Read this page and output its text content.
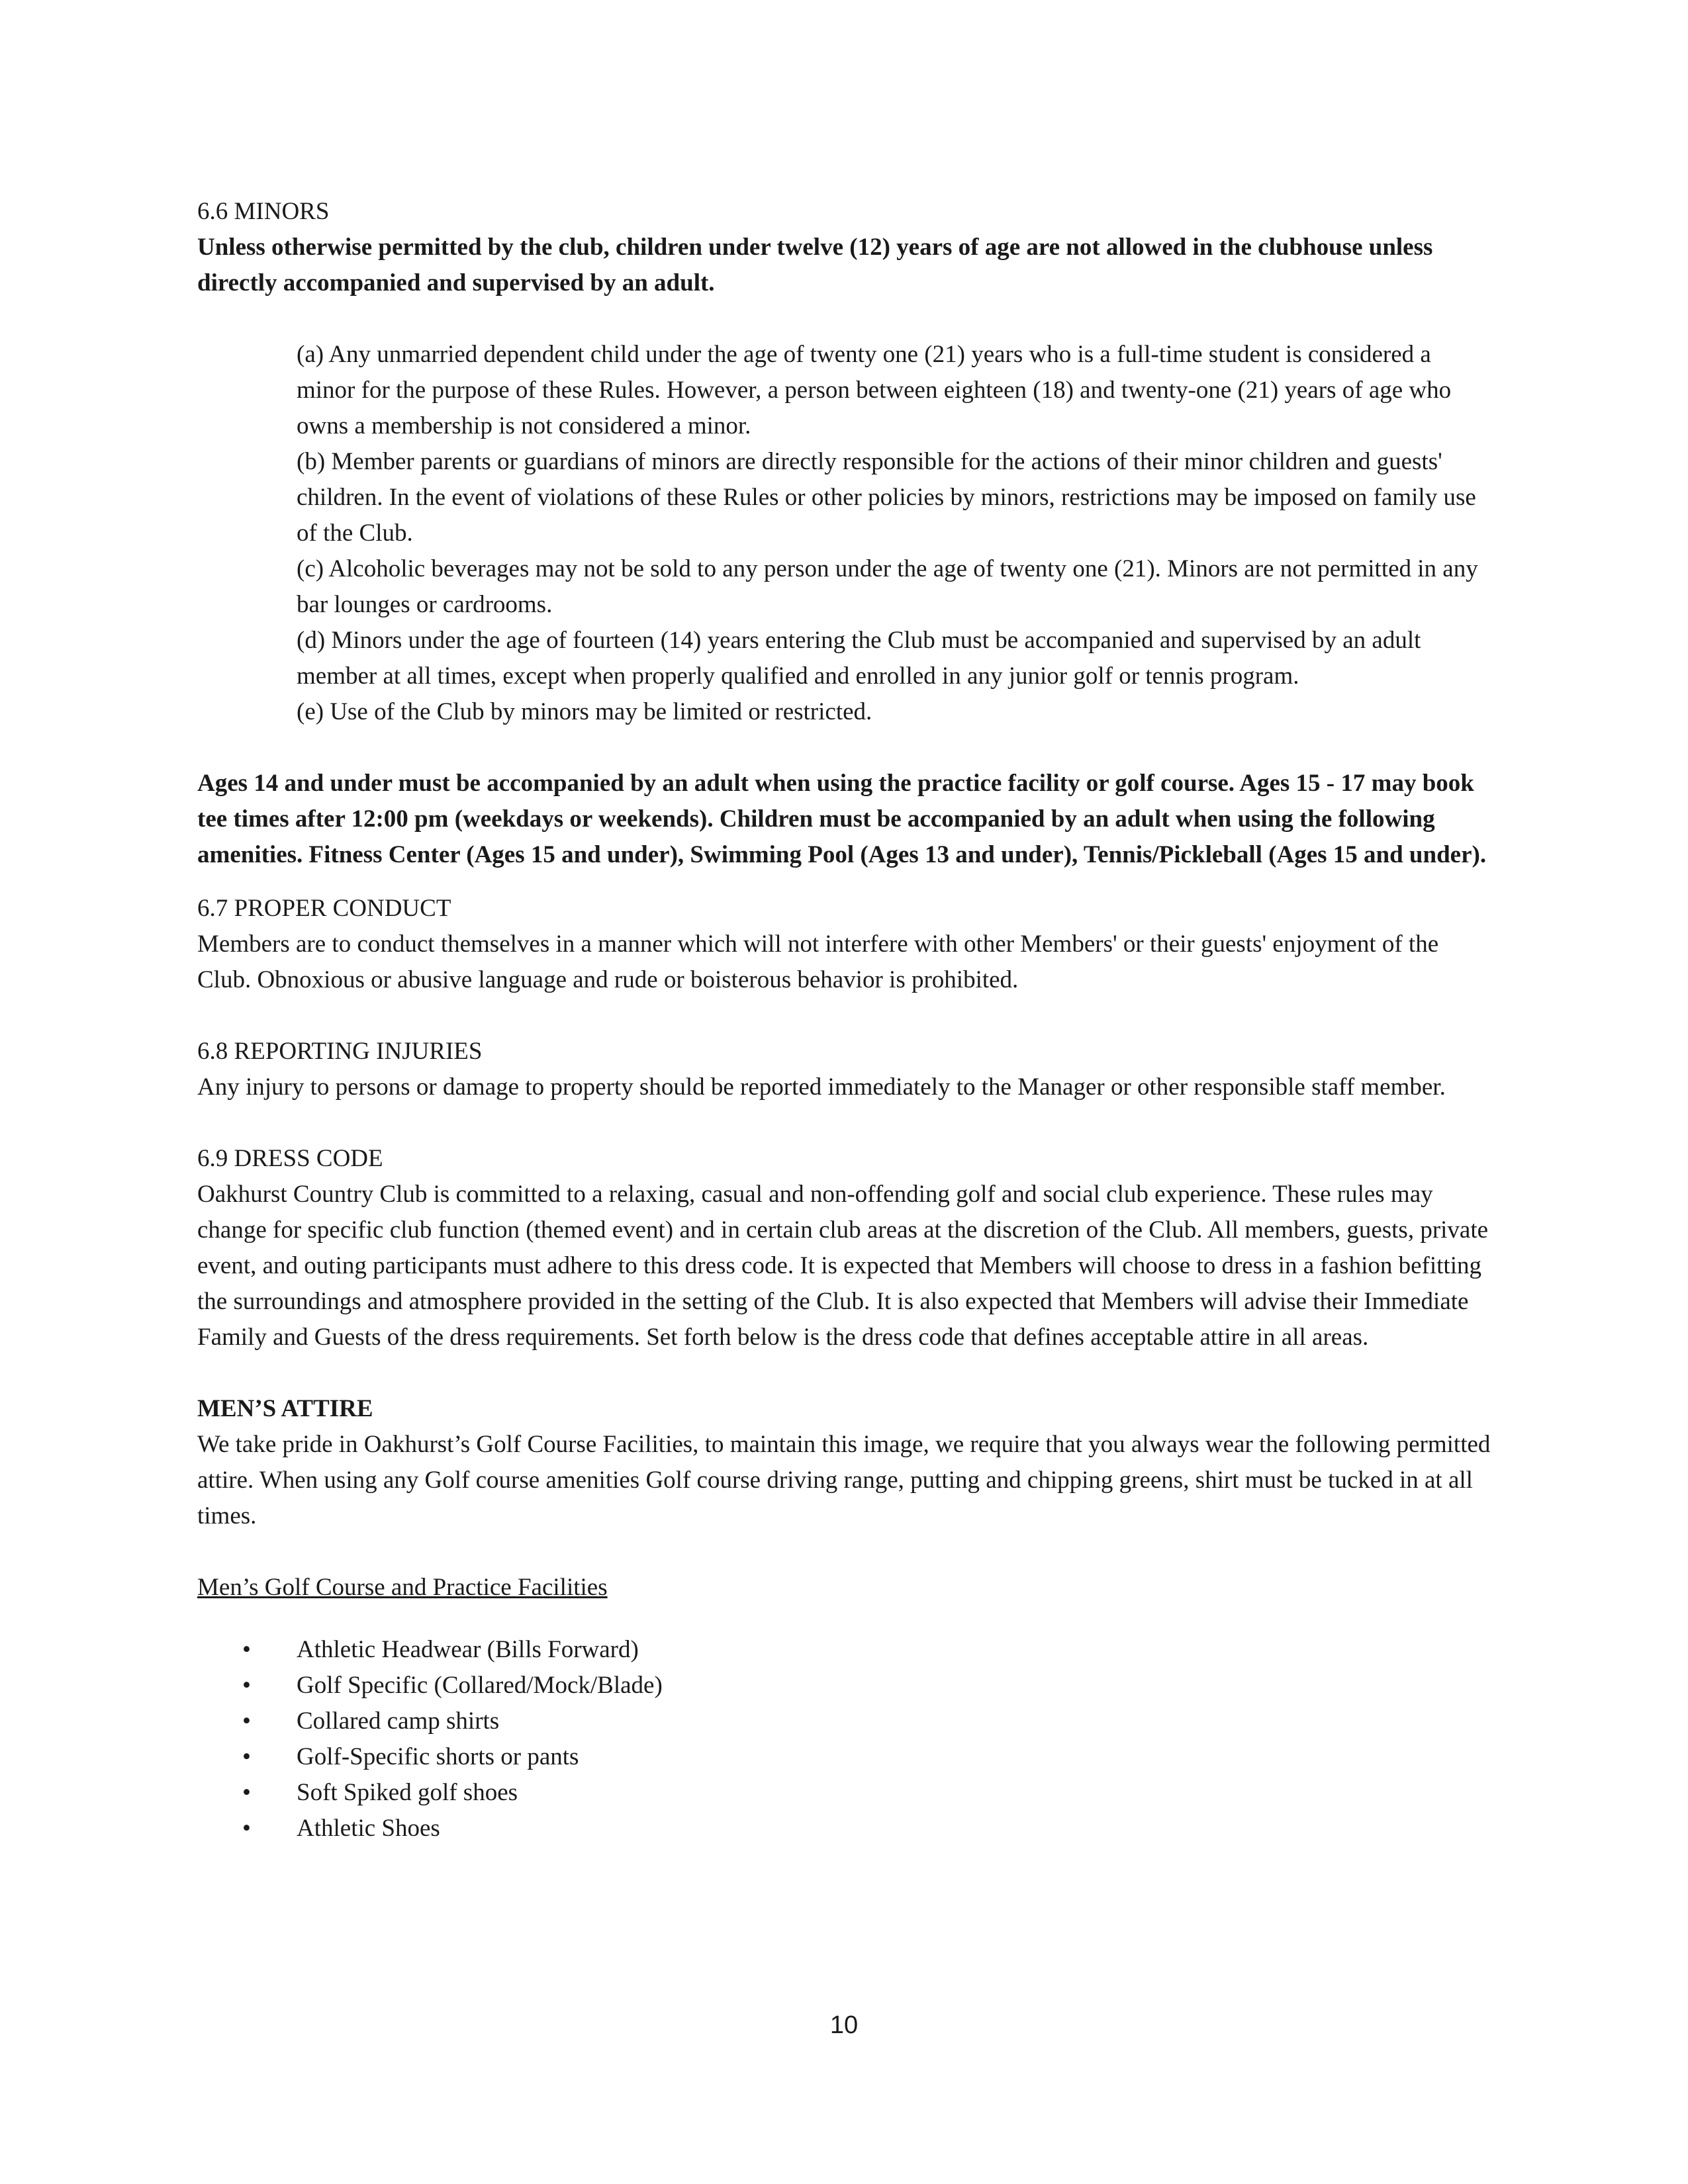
6.6 MINORS

Unless otherwise permitted by the club, children under twelve (12) years of age are not allowed in the clubhouse unless directly accompanied and supervised by an adult.

(a) Any unmarried dependent child under the age of twenty one (21) years who is a full-time student is considered a minor for the purpose of these Rules. However, a person between eighteen (18) and twenty-one (21) years of age who owns a membership is not considered a minor.

(b) Member parents or guardians of minors are directly responsible for the actions of their minor children and guests' children. In the event of violations of these Rules or other policies by minors, restrictions may be imposed on family use of the Club.

(c) Alcoholic beverages may not be sold to any person under the age of twenty one (21). Minors are not permitted in any bar lounges or cardrooms.

(d) Minors under the age of fourteen (14) years entering the Club must be accompanied and supervised by an adult member at all times, except when properly qualified and enrolled in any junior golf or tennis program.

(e) Use of the Club by minors may be limited or restricted.

Ages 14 and under must be accompanied by an adult when using the practice facility or golf course. Ages 15 - 17 may book tee times after 12:00 pm (weekdays or weekends). Children must be accompanied by an adult when using the following amenities. Fitness Center (Ages 15 and under), Swimming Pool (Ages 13 and under), Tennis/Pickleball (Ages 15 and under).

6.7 PROPER CONDUCT

Members are to conduct themselves in a manner which will not interfere with other Members' or their guests' enjoyment of the Club. Obnoxious or abusive language and rude or boisterous behavior is prohibited.

6.8 REPORTING INJURIES

Any injury to persons or damage to property should be reported immediately to the Manager or other responsible staff member.

6.9 DRESS CODE

Oakhurst Country Club is committed to a relaxing, casual and non-offending golf and social club experience. These rules may change for specific club function (themed event) and in certain club areas at the discretion of the Club. All members, guests, private event, and outing participants must adhere to this dress code. It is expected that Members will choose to dress in a fashion befitting the surroundings and atmosphere provided in the setting of the Club. It is also expected that Members will advise their Immediate Family and Guests of the dress requirements. Set forth below is the dress code that defines acceptable attire in all areas.

MEN’S ATTIRE

We take pride in Oakhurst’s Golf Course Facilities, to maintain this image, we require that you always wear the following permitted attire. When using any Golf course amenities Golf course driving range, putting and chipping greens, shirt must be tucked in at all times.

Men’s Golf Course and Practice Facilities

• Athletic Headwear (Bills Forward)
• Golf Specific (Collared/Mock/Blade)
• Collared camp shirts
• Golf-Specific shorts or pants
• Soft Spiked golf shoes
• Athletic Shoes
10
